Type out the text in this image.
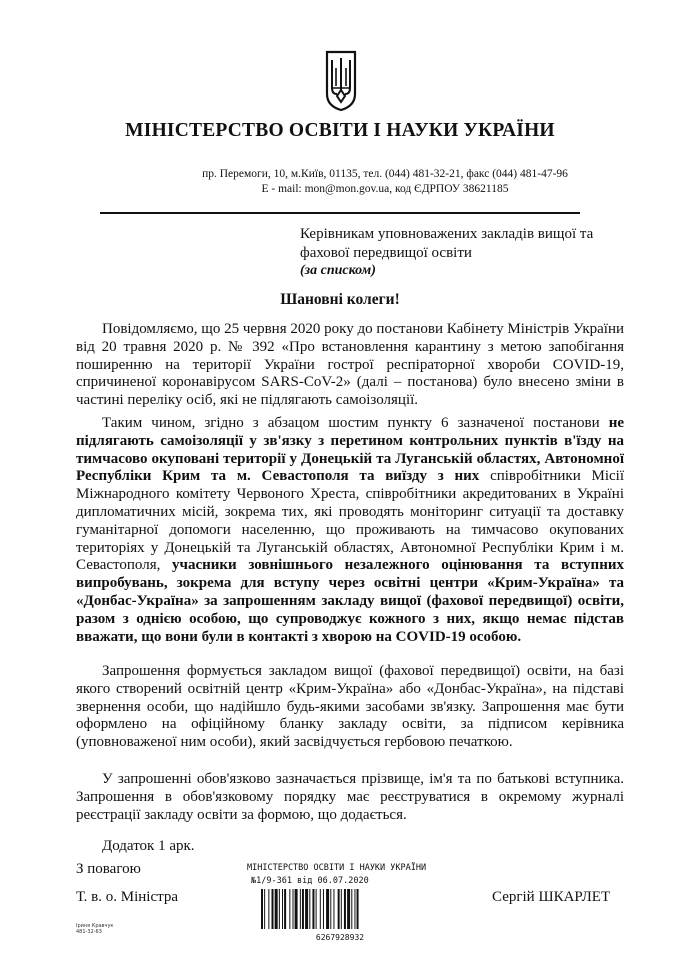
МІНІСТЕРСТВО ОСВІТИ І НАУКИ УКРАЇНИ
пр. Перемоги, 10, м.Київ, 01135, тел. (044) 481-32-21, факс (044) 481-47-96
E - mail: mon@mon.gov.ua, код ЄДРПОУ 38621185
Керівникам уповноважених закладів вищої та
фахової передвищої освіти
(за списком)
Шановні колеги!

Повідомляємо, що 25 червня 2020 року до постанови Кабінету Міністрів України від 20 травня 2020 р. № 392 «Про встановлення карантину з метою запобігання поширенню на території України гострої респіраторної хвороби COVID-19, спричиненої коронавірусом SARS-CoV-2» (далі – постанова) було внесено зміни в частині переліку осіб, які не підлягають самоізоляції.

Таким чином, згідно з абзацом шостим пункту 6 зазначеної постанови не підлягають самоізоляції у зв'язку з перетином контрольних пунктів в'їзду на тимчасово окуповані території у Донецькій та Луганській областях, Автономної Республіки Крим та м. Севастополя та виїзду з них співробітники Місії Міжнародного комітету Червоного Хреста, співробітники акредитованих в Україні дипломатичних місій, зокрема тих, які проводять моніторинг ситуації та доставку гуманітарної допомоги населенню, що проживають на тимчасово окупованих територіях у Донецькій та Луганській областях, Автономної Республіки Крим і м. Севастополя, учасники зовнішнього незалежного оцінювання та вступних випробувань, зокрема для вступу через освітні центри «Крим-Україна» та «Донбас-Україна» за запрошенням закладу вищої (фахової передвищої) освіти, разом з однією особою, що супроводжує кожного з них, якщо немає підстав вважати, що вони були в контакті з хворою на COVID-19 особою.

Запрошення формується закладом вищої (фахової передвищої) освіти, на базі якого створений освітній центр «Крим-Україна» або «Донбас-Україна», на підставі звернення особи, що надійшло будь-якими засобами зв'язку. Запрошення має бути оформлено на офіційному бланку закладу освіти, за підписом керівника (уповноваженої ним особи), який засвідчується гербовою печаткою.

У запрошенні обов'язково зазначається прізвище, ім'я та по батькові вступника. Запрошення в обов'язковому порядку має реєструватися в окремому журналі реєстрації закладу освіти за формою, що додається.

Додаток 1 арк.
З повагою
Т. в. о. Міністра	Сергій ШКАРЛЕТ
МІНІСТЕРСТВО ОСВІТИ І НАУКИ УКРАЇНИ
№1/9-361 від 06.07.2020
6267928932
Іриня Кравчук
481-32-63
